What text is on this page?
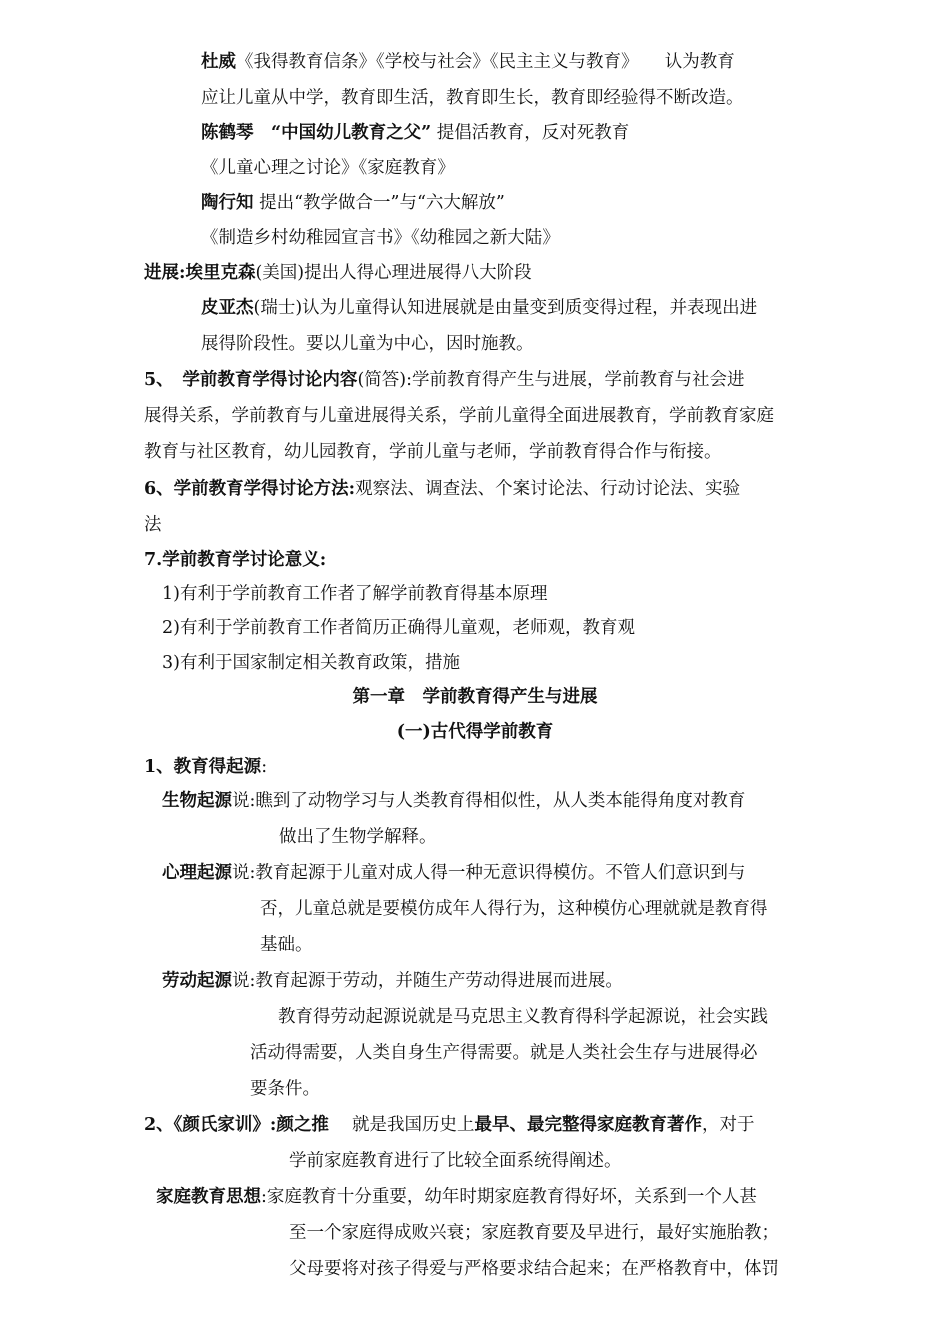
杜威《我得教育信条》《学校与社会》《民主主义与教育》　　认为教育
应让儿童从中学，教育即生活，教育即生长，教育即经验得不断改造。
陈鹤琴　“中国幼儿教育之父” 提倡活教育，反对死教育
《儿童心理之讨论》《家庭教育》
陶行知 提出“教学做合一”与“六大解放”
《制造乡村幼稚园宣言书》《幼稚园之新大陆》
进展:埃里克森(美国)提出人得心理进展得八大阶段
皮亚杰(瑞士)认为儿童得认知进展就是由量变到质变得过程，并表现出进
展得阶段性。要以儿童为中心，因时施教。
5、　学前教育学得讨论内容(简答):学前教育得产生与进展，学前教育与社会进
展得关系，学前教育与儿童进展得关系，学前儿童得全面进展教育，学前教育家庭
教育与社区教育，幼儿园教育，学前儿童与老师，学前教育得合作与衔接。
6、学前教育学得讨论方法:观察法、调查法、个案讨论法、行动讨论法、实验
法
7.学前教育学讨论意义:
1)有利于学前教育工作者了解学前教育得基本原理
2)有利于学前教育工作者简历正确得儿童观，老师观，教育观
3)有利于国家制定相关教育政策，措施
第一章　学前教育得产生与进展
(一)古代得学前教育
1、教育得起源:
生物起源说:瞧到了动物学习与人类教育得相似性，从人类本能得角度对教育
做出了生物学解释。
心理起源说:教育起源于儿童对成人得一种无意识得模仿。不管人们意识到与
否，儿童总就是要模仿成年人得行为，这种模仿心理就就是教育得
基础。
劳动起源说:教育起源于劳动，并随生产劳动得进展而进展。
教育得劳动起源说就是马克思主义教育得科学起源说，社会实践
活动得需要，人类自身生产得需要。就是人类社会生存与进展得必
要条件。
2、《颜氏家训》:颜之推　 就是我国历史上最早、最完整得家庭教育著作，对于
学前家庭教育进行了比较全面系统得阐述。
家庭教育思想:家庭教育十分重要，幼年时期家庭教育得好坏，关系到一个人甚
至一个家庭得成败兴衰；家庭教育要及早进行，最好实施胎教；
父母要将对孩子得爱与严格要求结合起来；在严格教育中，体罚
